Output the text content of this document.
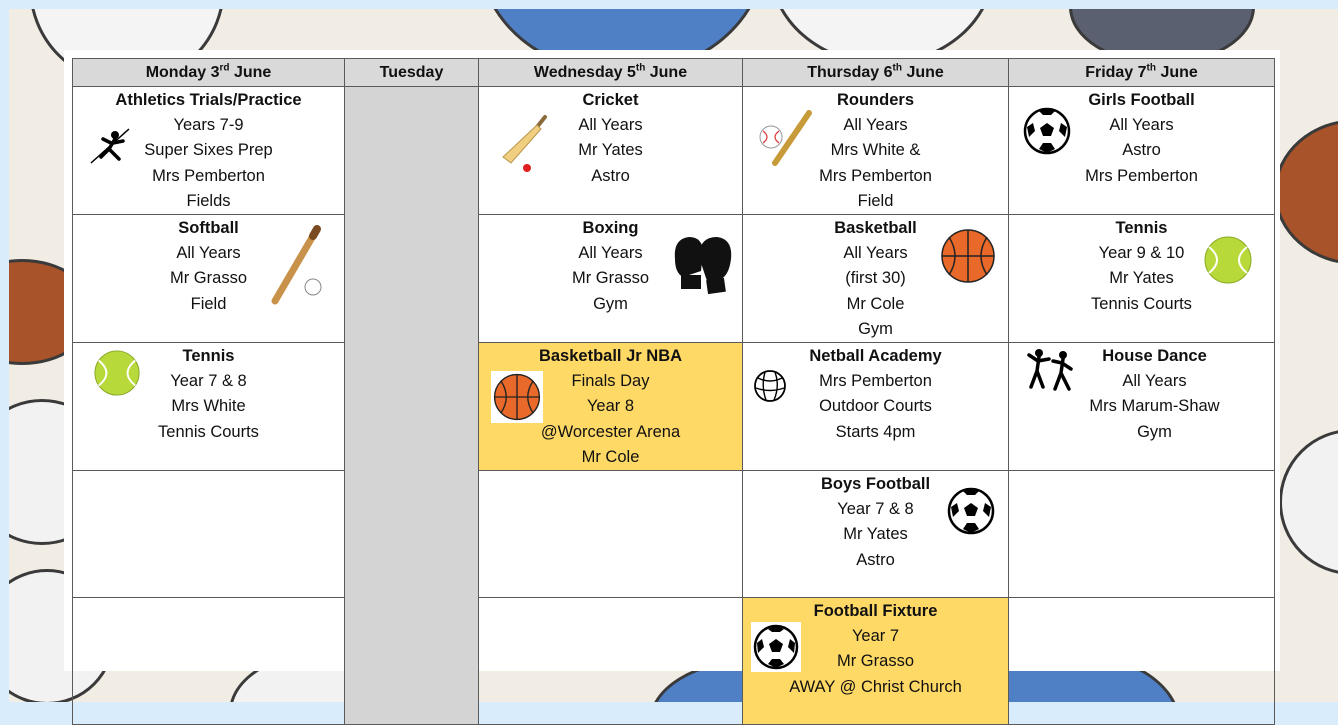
Monday 3rd June	Tuesday	Wednesday 5th June	Thursday 6th June	Friday 7th June

Athletics Trials/Practice
Years 7-9
Super Sixes Prep
Mrs Pemberton
Fields		Cricket
All Years
Mr Yates
Astro	Rounders
All Years
Mrs White &
Mrs Pemberton
Field	Girls Football
All Years
Astro
Mrs Pemberton

Softball
All Years
Mr Grasso
Field		Boxing
All Years
Mr Grasso
Gym	Basketball
All Years
(first 30)
Mr Cole
Gym	Tennis
Year 9 & 10
Mr Yates
Tennis Courts

Tennis
Year 7 & 8
Mrs White
Tennis Courts		Basketball Jr NBA
Finals Day
Year 8
@Worcester Arena
Mr Cole	Netball Academy
Mrs Pemberton
Outdoor Courts
Starts 4pm	House Dance
All Years
Mrs Marum-Shaw
Gym

			Boys Football
Year 7 & 8
Mr Yates
Astro	

			Football Fixture
Year 7
Mr Grasso
AWAY @ Christ Church	
